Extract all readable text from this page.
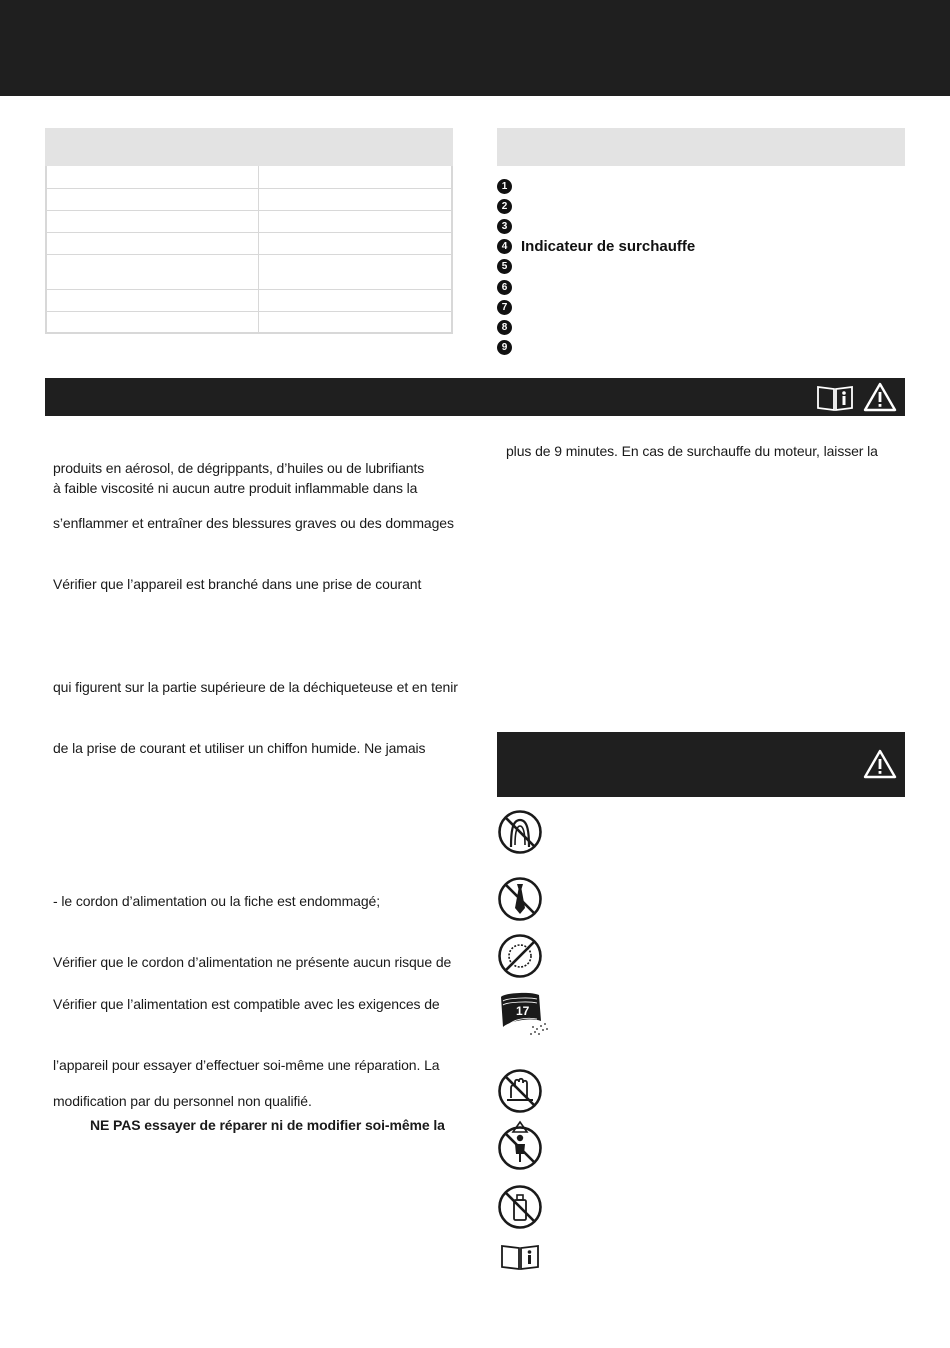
1
2
3
4 Indicateur de surchauffe
5
6
7
8
9
produits en aérosol, de dégrippants, d’huiles ou de lubrifiants
à faible viscosité ni aucun autre produit inflammable dans la
s’enflammer et entraîner des blessures graves ou des dommages
Vérifier que l’appareil est branché dans une prise de courant
qui figurent sur la partie supérieure de la déchiqueteuse et en tenir
de la prise de courant et utiliser un chiffon humide. Ne jamais
- le cordon d’alimentation ou la fiche est endommagé;
Vérifier que le cordon d’alimentation ne présente aucun risque de
Vérifier que l’alimentation est compatible avec les exigences de
l’appareil pour essayer d’effectuer soi-même une réparation. La
modification par du personnel non qualifié.
NE PAS essayer de réparer ni de modifier soi-même la
plus de 9 minutes. En cas de surchauffe du moteur, laisser la
17
